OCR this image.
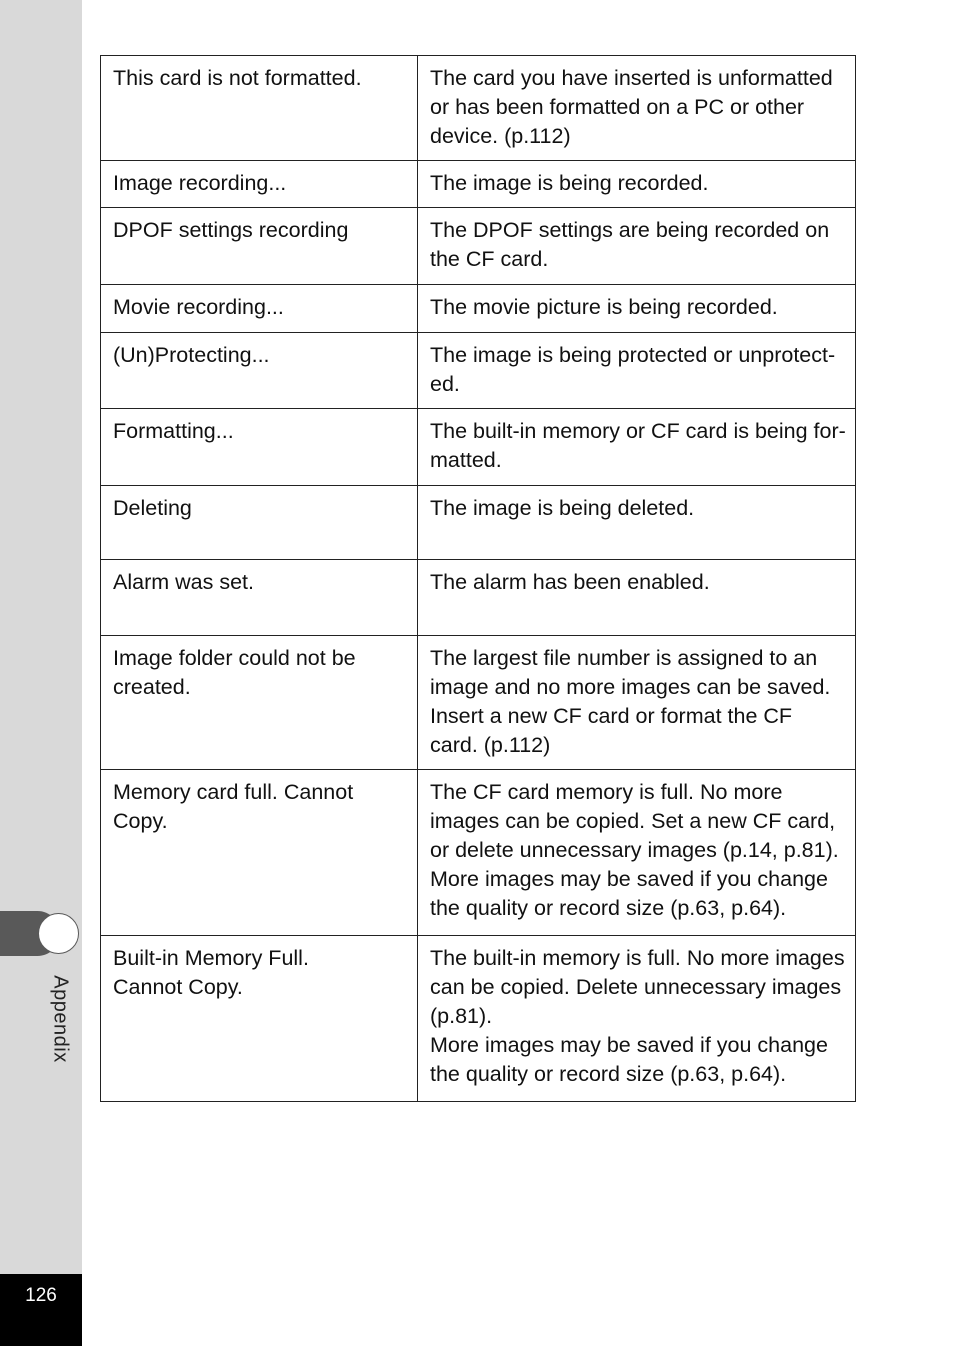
Appendix
126
This card is not formatted.	The card you have inserted is unformatted
or has been formatted on a PC or other
device. (p.112)
Image recording...	The image is being recorded.
DPOF settings recording	The DPOF settings are being recorded on
the CF card.
Movie recording...	The movie picture is being recorded.
(Un)Protecting...	The image is being protected or unprotect-
ed.
Formatting...	The built-in memory or CF card is being for-
matted.
Deleting	The image is being deleted.
Alarm was set.	The alarm has been enabled.
Image folder could not be
created.	The largest file number is assigned to an
image and no more images can be saved.
Insert a new CF card or format the CF
card. (p.112)
Memory card full. Cannot
Copy.	The CF card memory is full. No more
images can be copied. Set a new CF card,
or delete unnecessary images (p.14, p.81).
More images may be saved if you change
the quality or record size (p.63, p.64).
Built-in Memory Full.
Cannot Copy.	The built-in memory is full. No more images
can be copied. Delete unnecessary images
(p.81).
More images may be saved if you change
the quality or record size (p.63, p.64).
